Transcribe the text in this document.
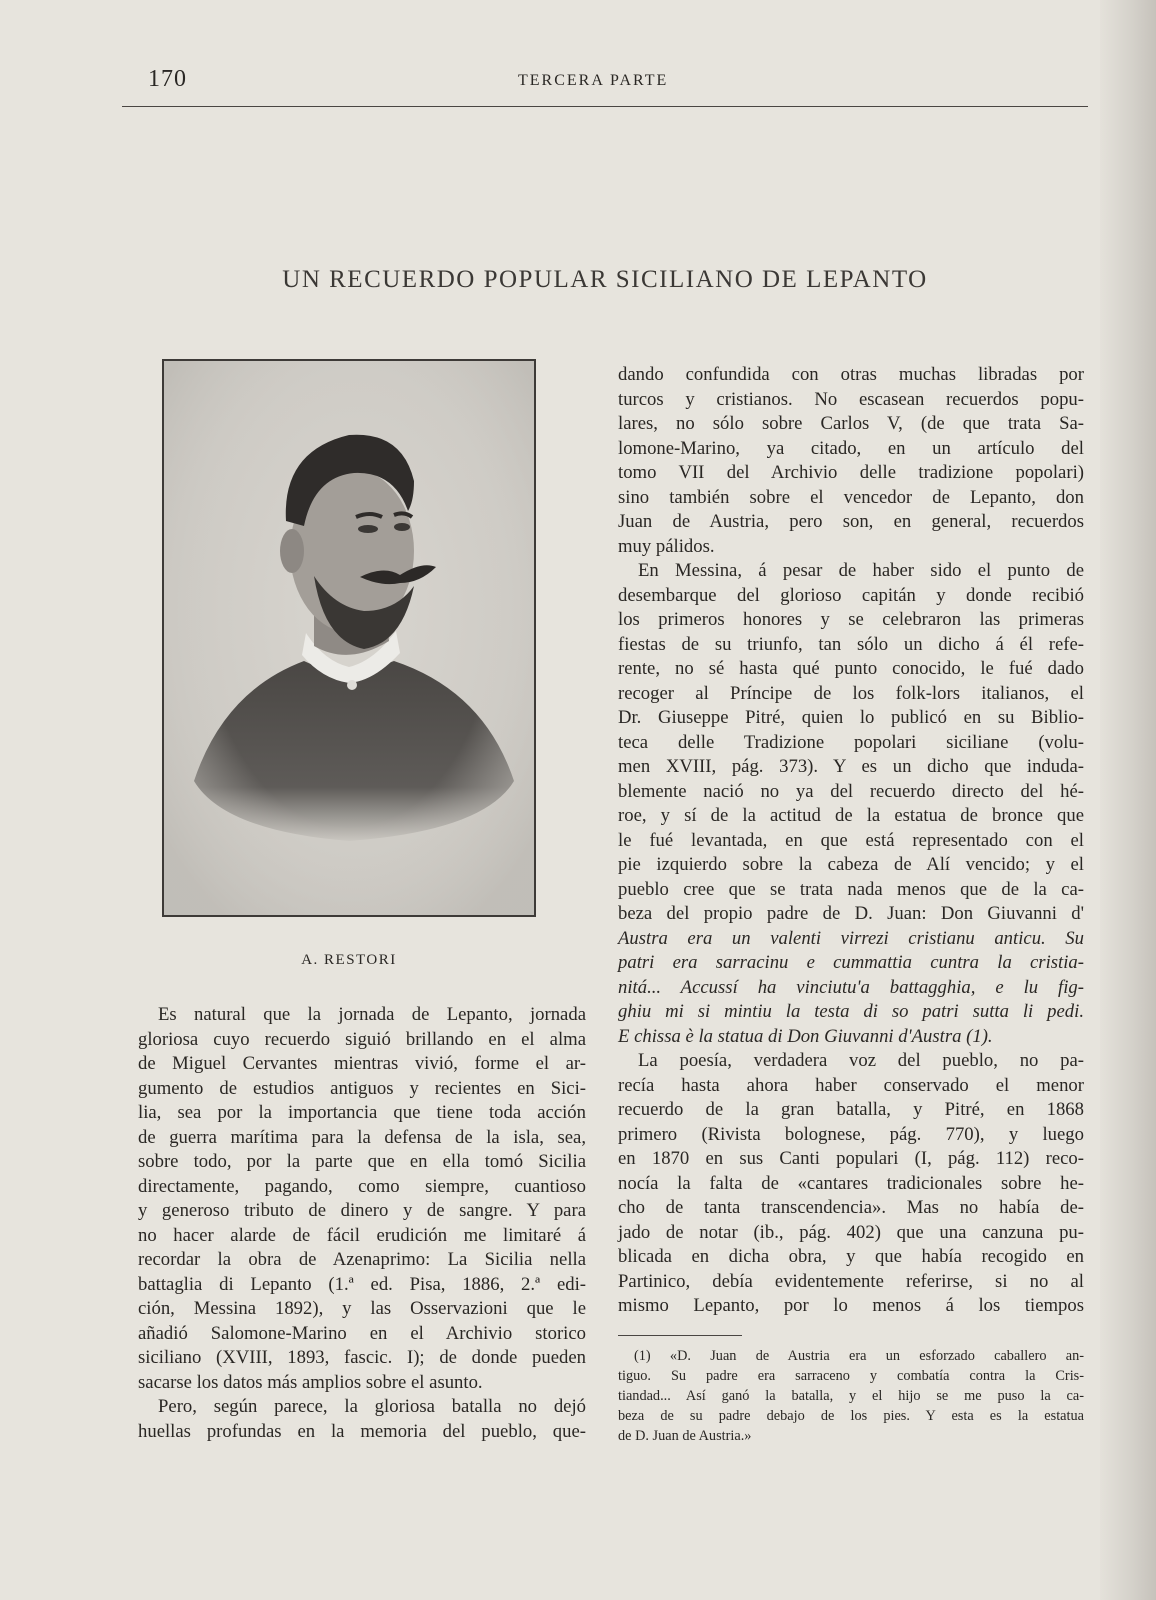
170	TERCERA PARTE
UN RECUERDO POPULAR SICILIANO DE LEPANTO
A. RESTORI
Es natural que la jornada de Lepanto, jornada
gloriosa cuyo recuerdo siguió brillando en el alma
de Miguel Cervantes mientras vivió, forme el ar-
gumento de estudios antiguos y recientes en Sici-
lia, sea por la importancia que tiene toda acción
de guerra marítima para la defensa de la isla, sea,
sobre todo, por la parte que en ella tomó Sicilia
directamente, pagando, como siempre, cuantioso
y generoso tributo de dinero y de sangre. Y para
no hacer alarde de fácil erudición me limitaré á
recordar la obra de Azenaprimo: La Sicilia nella
battaglia di Lepanto (1.ª ed. Pisa, 1886, 2.ª edi-
ción, Messina 1892), y las Osservazioni que le
añadió Salomone-Marino en el Archivio storico
siciliano (XVIII, 1893, fascic. I); de donde pueden
sacarse los datos más amplios sobre el asunto.
Pero, según parece, la gloriosa batalla no dejó
huellas profundas en la memoria del pueblo, que-
dando confundida con otras muchas libradas por
turcos y cristianos. No escasean recuerdos popu-
lares, no sólo sobre Carlos V, (de que trata Sa-
lomone-Marino, ya citado, en un artículo del
tomo VII del Archivio delle tradizione popolari)
sino también sobre el vencedor de Lepanto, don
Juan de Austria, pero son, en general, recuerdos
muy pálidos.
En Messina, á pesar de haber sido el punto de
desembarque del glorioso capitán y donde recibió
los primeros honores y se celebraron las primeras
fiestas de su triunfo, tan sólo un dicho á él refe-
rente, no sé hasta qué punto conocido, le fué dado
recoger al Príncipe de los folk-lors italianos, el
Dr. Giuseppe Pitré, quien lo publicó en su Biblio-
teca delle Tradizione popolari siciliane (volu-
men XVIII, pág. 373). Y es un dicho que induda-
blemente nació no ya del recuerdo directo del hé-
roe, y sí de la actitud de la estatua de bronce que
le fué levantada, en que está representado con el
pie izquierdo sobre la cabeza de Alí vencido; y el
pueblo cree que se trata nada menos que de la ca-
beza del propio padre de D. Juan: Don Giuvanni d'
Austra era un valenti virrezi cristianu anticu. Su
patri era sarracinu e cummattia cuntra la cristia-
nitá... Accussí ha vinciutu'a battagghia, e lu fig-
ghiu mi si mintiu la testa di so patri sutta li pedi.
E chissa è la statua di Don Giuvanni d'Austra (1).
La poesía, verdadera voz del pueblo, no pa-
recía hasta ahora haber conservado el menor
recuerdo de la gran batalla, y Pitré, en 1868
primero (Rivista bolognese, pág. 770), y luego
en 1870 en sus Canti populari (I, pág. 112) reco-
nocía la falta de «cantares tradicionales sobre he-
cho de tanta transcendencia». Mas no había de-
jado de notar (ib., pág. 402) que una canzuna pu-
blicada en dicha obra, y que había recogido en
Partinico, debía evidentemente referirse, si no al
mismo Lepanto, por lo menos á los tiempos
(1) «D. Juan de Austria era un esforzado caballero an-
tiguo. Su padre era sarraceno y combatía contra la Cris-
tiandad... Así ganó la batalla, y el hijo se me puso la ca-
beza de su padre debajo de los pies. Y esta es la estatua
de D. Juan de Austria.»
